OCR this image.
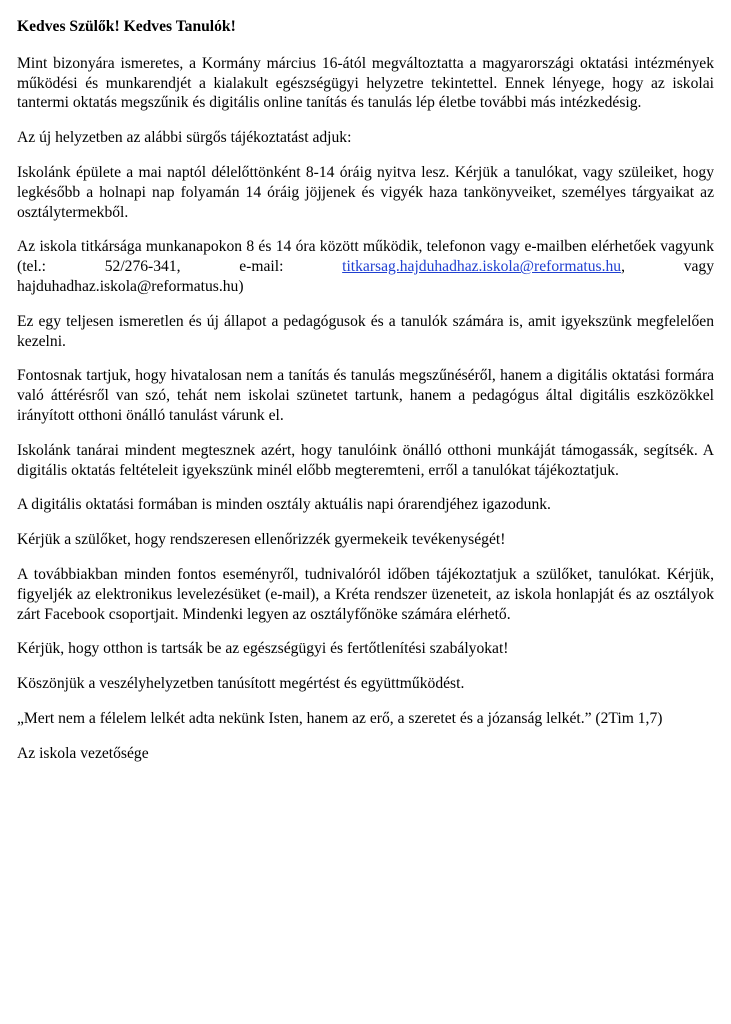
Kedves Szülők! Kedves Tanulók!

Mint bizonyára ismeretes, a Kormány március 16-ától megváltoztatta a magyarországi oktatási intézmények működési és munkarendjét a kialakult egészségügyi helyzetre tekintettel. Ennek lényege, hogy az iskolai tantermi oktatás megszűnik és digitális online tanítás és tanulás lép életbe további más intézkedésig.

Az új helyzetben az alábbi sürgős tájékoztatást adjuk:

Iskolánk épülete a mai naptól délelőttönként 8-14 óráig nyitva lesz. Kérjük a tanulókat, vagy szüleiket, hogy legkésőbb a holnapi nap folyamán 14 óráig jöjjenek és vigyék haza tankönyveiket, személyes tárgyaikat az osztálytermekből.

Az iskola titkársága munkanapokon 8 és 14 óra között működik, telefonon vagy e-mailben elérhetőek vagyunk (tel.: 52/276-341, e-mail: titkarsag.hajduhadhaz.iskola@reformatus.hu, vagy hajduhadhaz.iskola@reformatus.hu)

Ez egy teljesen ismeretlen és új állapot a pedagógusok és a tanulók számára is, amit igyekszünk megfelelően kezelni.

Fontosnak tartjuk, hogy hivatalosan nem a tanítás és tanulás megszűnéséről, hanem a digitális oktatási formára való áttérésről van szó, tehát nem iskolai szünetet tartunk, hanem a pedagógus által digitális eszközökkel irányított otthoni önálló tanulást várunk el.

Iskolánk tanárai mindent megtesznek azért, hogy tanulóink önálló otthoni munkáját támogassák, segítsék. A digitális oktatás feltételeit igyekszünk minél előbb megteremteni, erről a tanulókat tájékoztatjuk.

A digitális oktatási formában is minden osztály aktuális napi órarendjéhez igazodunk.

Kérjük a szülőket, hogy rendszeresen ellenőrizzék gyermekeik tevékenységét!

A továbbiakban minden fontos eseményről, tudnivalóról időben tájékoztatjuk a szülőket, tanulókat. Kérjük, figyeljék az elektronikus levelezésüket (e-mail), a Kréta rendszer üzeneteit, az iskola honlapját és az osztályok zárt Facebook csoportjait. Mindenki legyen az osztályfőnöke számára elérhető.

Kérjük, hogy otthon is tartsák be az egészségügyi és fertőtlenítési szabályokat!

Köszönjük a veszélyhelyzetben tanúsított megértést és együttműködést.

„Mert nem a félelem lelkét adta nekünk Isten, hanem az erő, a szeretet és a józanság lelkét.” (2Tim 1,7)

Az iskola vezetősége
